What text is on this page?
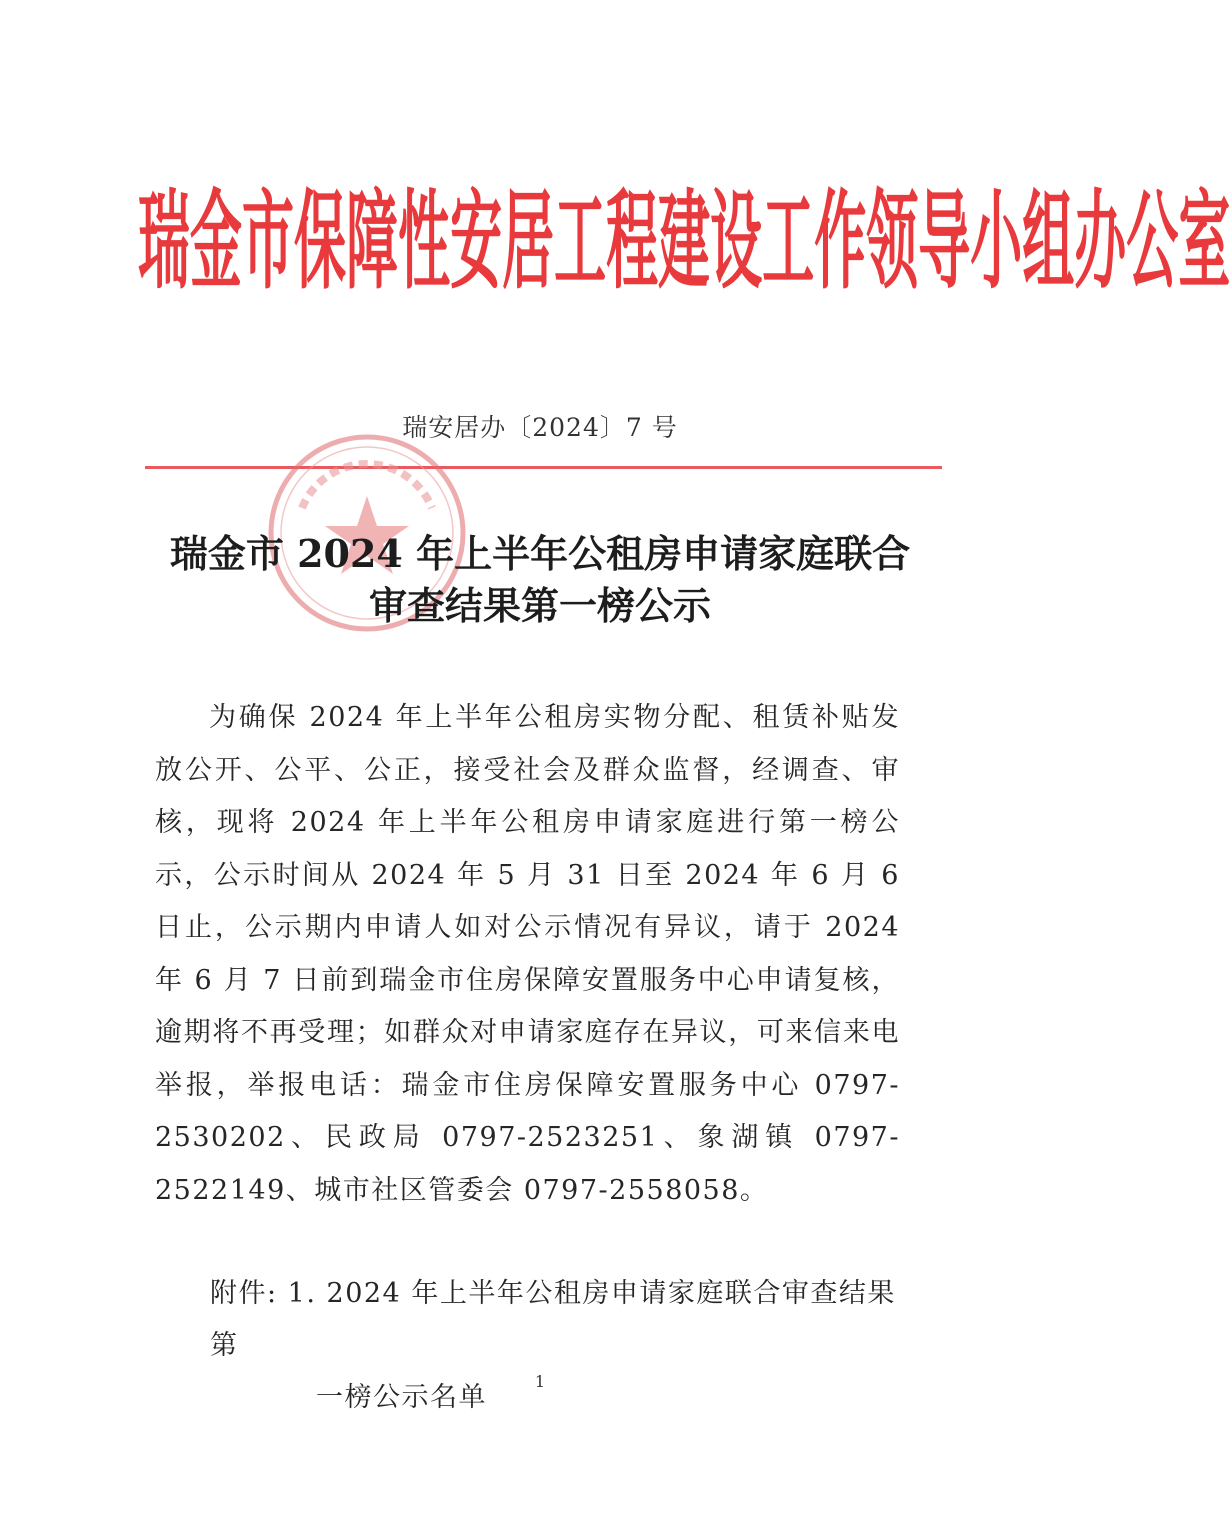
瑞 金 市 保 障 性 安 居 工 程 建 设 工 作 领 导 小 组 办 公 室
瑞安居办〔2024〕7 号
瑞金市 2024 年上半年公租房申请家庭联合
审查结果第一榜公示

为确保 2024 年上半年公租房实物分配、租赁补贴发放公开、公平、公正，接受社会及群众监督，经调查、审核，现将 2024 年上半年公租房申请家庭进行第一榜公示，公示时间从 2024 年 5 月 31 日至 2024 年 6 月 6 日止，公示期内申请人如对公示情况有异议，请于 2024 年 6 月 7 日前到瑞金市住房保障安置服务中心申请复核，逾期将不再受理；如群众对申请家庭存在异议，可来信来电举报，举报电话：瑞金市住房保障安置服务中心 0797-2530202、民政局 0797-2523251、象湖镇 0797-2522149、城市社区管委会 0797-2558058。

附件: 1. 2024 年上半年公租房申请家庭联合审查结果第
一榜公示名单
1
